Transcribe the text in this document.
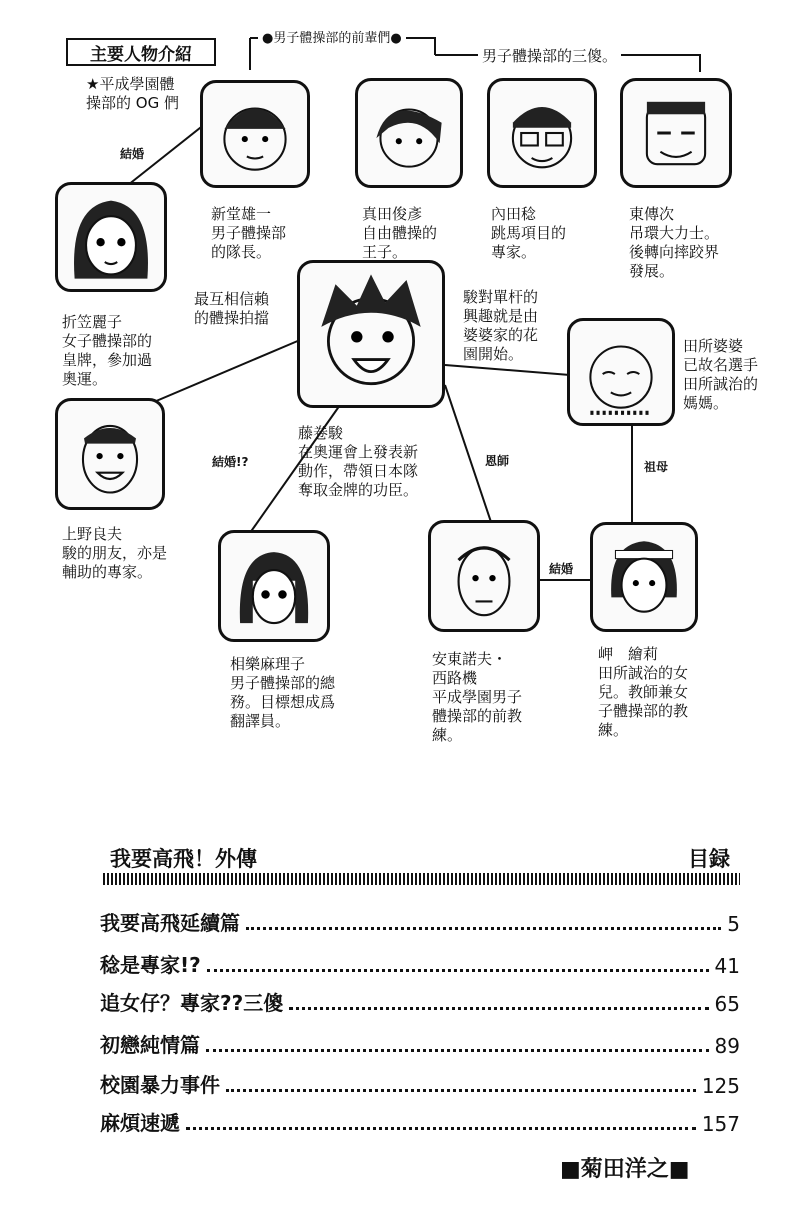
主要人物介紹
●男子體操部的前輩們●
男子體操部的三傻。
★平成學園體
操部的 OG 們
結婚
結婚!?
結婚
恩師	祖母
最互相信賴
的體操拍擋
駿對單杆的
興趣就是由
婆婆家的花
園開始。
新堂雄一
男子體操部
的隊長。
真田俊彥
自由體操的
王子。
內田稔
跳馬項目的
專家。
東傳次
吊環大力士。
後轉向摔跤界
發展。
折笠麗子
女子體操部的
皇牌，參加過
奧運。
藤卷駿
在奧運會上發表新
動作，帶領日本隊
奪取金牌的功臣。
田所婆婆
已故名選手
田所誠治的
媽媽。
上野良夫
駿的朋友，亦是
輔助的專家。
相樂麻理子
男子體操部的總
務。目標想成爲
翻譯員。
安東諾夫・
西路機
平成學園男子
體操部的前教
練。
岬　繪莉
田所誠治的女
兒。教師兼女
子體操部的教
練。
我要高飛！外傳	目録
我要高飛延續篇	5
稔是專家!?	41
追女仔？專家??三傻	65
初戀純情篇	89
校園暴力事件	125
麻煩速遞	157
■菊田洋之■
